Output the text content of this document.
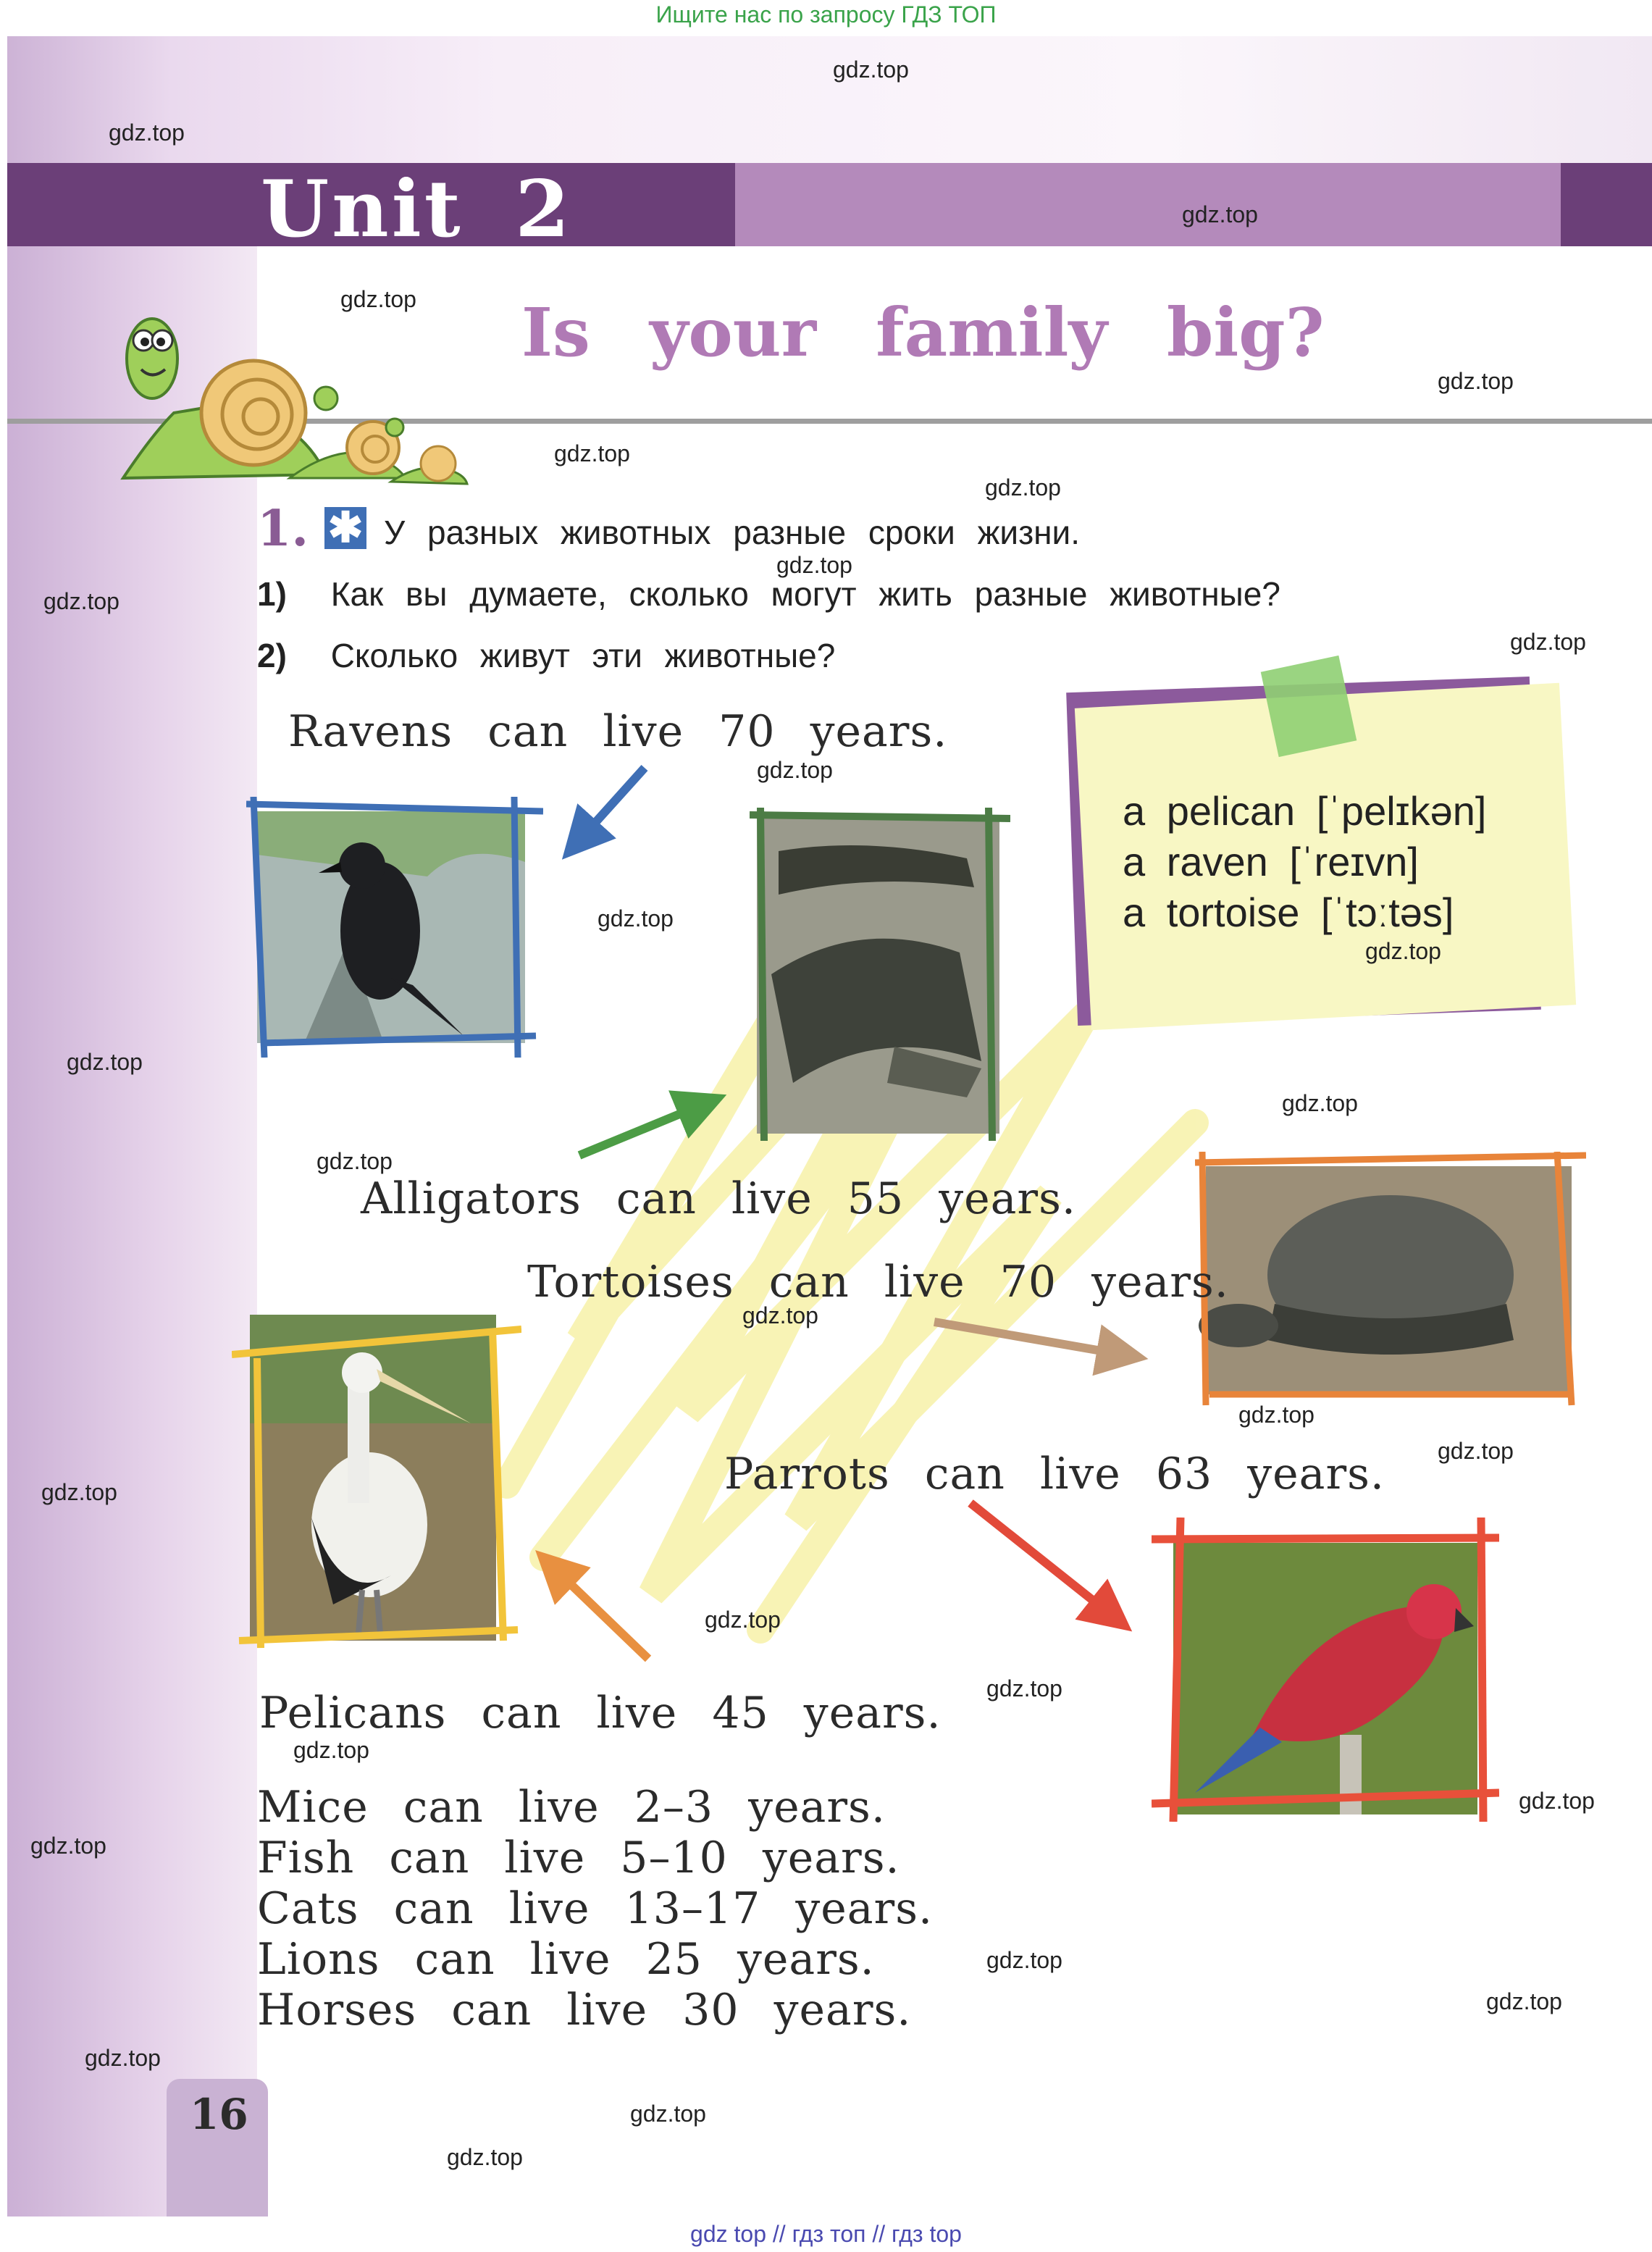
Ищите нас по запросу ГДЗ ТОП
Unit 2
Is your family big?
1. ✱ У разных животных разные сроки жизни.
1) Как вы думаете, сколько могут жить разные животные?
2) Сколько живут эти животные?
a pelican [ˈpelɪkən]
a raven [ˈreɪvn]
a tortoise [ˈtɔːtəs]
Ravens can live 70 years.
Alligators can live 55 years.
Tortoises can live 70 years.
Parrots can live 63 years.
Pelicans can live 45 years.
Mice can live 2–3 years.
Fish can live 5–10 years.
Cats can live 13–17 years.
Lions can live 25 years.
Horses can live 30 years.
16
gdz.top
gdz.top
gdz.top
gdz.top
gdz.top
gdz.top
gdz.top
gdz.top
gdz.top
gdz.top
gdz.top
gdz.top
gdz.top
gdz.top
gdz.top
gdz.top
gdz.top
gdz.top
gdz.top
gdz.top
gdz.top
gdz.top
gdz.top
gdz.top
gdz.top
gdz.top
gdz.top
gdz.top
gdz.top
gdz.top
gdz top // гдз топ // гдз top
